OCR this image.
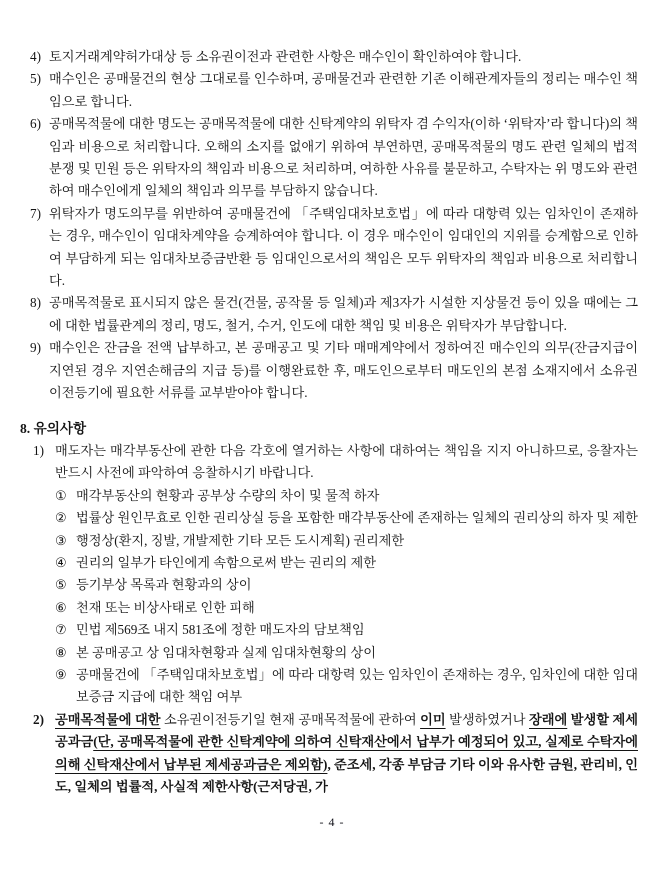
4) 토지거래계약허가대상 등 소유권이전과 관련한 사항은 매수인이 확인하여야 합니다.
5) 매수인은 공매물건의 현상 그대로를 인수하며, 공매물건과 관련한 기존 이해관계자들의 정리는 매수인 책임으로 합니다.
6) 공매목적물에 대한 명도는 공매목적물에 대한 신탁계약의 위탁자 겸 수익자(이하 ‘위탁자’라 합니다)의 책임과 비용으로 처리합니다. 오해의 소지를 없애기 위하여 부연하면, 공매목적물의 명도 관련 일체의 법적 분쟁 및 민원 등은 위탁자의 책임과 비용으로 처리하며, 여하한 사유를 불문하고, 수탁자는 위 명도와 관련하여 매수인에게 일체의 책임과 의무를 부담하지 않습니다.
7) 위탁자가 명도의무를 위반하여 공매물건에 「주택임대차보호법」에 따라 대항력 있는 임차인이 존재하는 경우, 매수인이 임대차계약을 승계하여야 합니다. 이 경우 매수인이 임대인의 지위를 승계함으로 인하여 부담하게 되는 임대차보증금반환 등 임대인으로서의 책임은 모두 위탁자의 책임과 비용으로 처리합니다.
8) 공매목적물로 표시되지 않은 물건(건물, 공작물 등 일체)과 제3자가 시설한 지상물건 등이 있을 때에는 그에 대한 법률관계의 정리, 명도, 철거, 수거, 인도에 대한 책임 및 비용은 위탁자가 부담합니다.
9) 매수인은 잔금을 전액 납부하고, 본 공매공고 및 기타 매매계약에서 정하여진 매수인의 의무(잔금지급이 지연된 경우 지연손해금의 지급 등)를 이행완료한 후, 매도인으로부터 매도인의 본점 소재지에서 소유권이전등기에 필요한 서류를 교부받아야 합니다.
8. 유의사항
1) 매도자는 매각부동산에 관한 다음 각호에 열거하는 사항에 대하여는 책임을 지지 아니하므로, 응찰자는 반드시 사전에 파악하여 응찰하시기 바랍니다.
① 매각부동산의 현황과 공부상 수량의 차이 및 물적 하자
② 법률상 원인무효로 인한 권리상실 등을 포함한 매각부동산에 존재하는 일체의 권리상의 하자 및 제한
③ 행정상(환지, 징발, 개발제한 기타 모든 도시계획) 권리제한
④ 권리의 일부가 타인에게 속함으로써 받는 권리의 제한
⑤ 등기부상 목록과 현황과의 상이
⑥ 천재 또는 비상사태로 인한 피해
⑦ 민법 제569조 내지 581조에 정한 매도자의 담보책임
⑧ 본 공매공고 상 임대차현황과 실제 임대차현황의 상이
⑨ 공매물건에 「주택임대차보호법」에 따라 대항력 있는 임차인이 존재하는 경우, 임차인에 대한 임대보증금 지급에 대한 책임 여부
2) 공매목적물에 대한 소유권이전등기일 현재 공매목적물에 관하여 이미 발생하였거나 장래에 발생할 제세공과금(단, 공매목적물에 관한 신탁계약에 의하여 신탁재산에서 납부가 예정되어 있고, 실제로 수탁자에 의해 신탁재산에서 납부된 제세공과금은 제외함), 준조세, 각종 부담금 기타 이와 유사한 금원, 관리비, 인도, 일체의 법률적, 사실적 제한사항(근저당권, 가
- 4 -
